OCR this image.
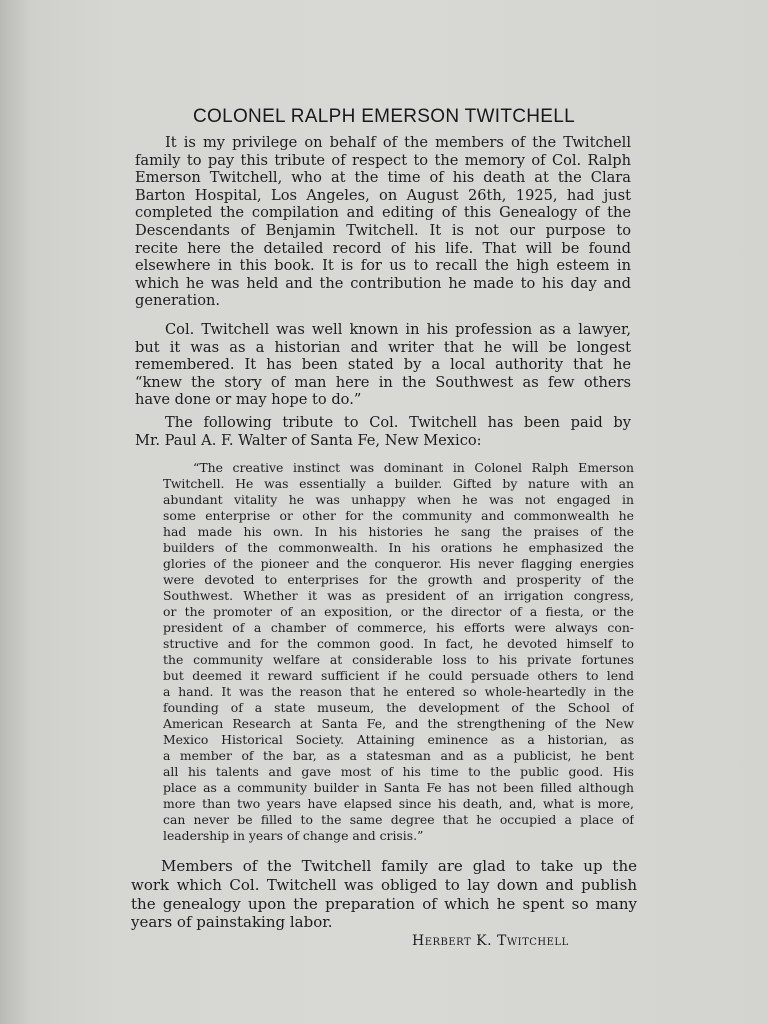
COLONEL RALPH EMERSON TWITCHELL
It is my privilege on behalf of the members of the Twitchell
family to pay this tribute of respect to the memory of Col. Ralph
Emerson Twitchell, who at the time of his death at the Clara
Barton Hospital, Los Angeles, on August 26th, 1925, had just
completed the compilation and editing of this Genealogy of the
Descendants of Benjamin Twitchell. It is not our purpose to
recite here the detailed record of his life. That will be found
elsewhere in this book. It is for us to recall the high esteem in
which he was held and the contribution he made to his day and
generation.
Col. Twitchell was well known in his profession as a lawyer,
but it was as a historian and writer that he will be longest
remembered. It has been stated by a local authority that he
“knew the story of man here in the Southwest as few others
have done or may hope to do.”
The following tribute to Col. Twitchell has been paid by
Mr. Paul A. F. Walter of Santa Fe, New Mexico:
“The creative instinct was dominant in Colonel Ralph Emerson
Twitchell. He was essentially a builder. Gifted by nature with an
abundant vitality he was unhappy when he was not engaged in
some enterprise or other for the community and commonwealth he
had made his own. In his histories he sang the praises of the
builders of the commonwealth. In his orations he emphasized the
glories of the pioneer and the conqueror. His never flagging energies
were devoted to enterprises for the growth and prosperity of the
Southwest. Whether it was as president of an irrigation congress,
or the promoter of an exposition, or the director of a fiesta, or the
president of a chamber of commerce, his efforts were always con-
structive and for the common good. In fact, he devoted himself to
the community welfare at considerable loss to his private fortunes
but deemed it reward sufficient if he could persuade others to lend
a hand. It was the reason that he entered so whole-heartedly in the
founding of a state museum, the development of the School of
American Research at Santa Fe, and the strengthening of the New
Mexico Historical Society. Attaining eminence as a historian, as
a member of the bar, as a statesman and as a publicist, he bent
all his talents and gave most of his time to the public good. His
place as a community builder in Santa Fe has not been filled although
more than two years have elapsed since his death, and, what is more,
can never be filled to the same degree that he occupied a place of
leadership in years of change and crisis.”
Members of the Twitchell family are glad to take up the
work which Col. Twitchell was obliged to lay down and publish
the genealogy upon the preparation of which he spent so many
years of painstaking labor.
Herbert K. Twitchell
